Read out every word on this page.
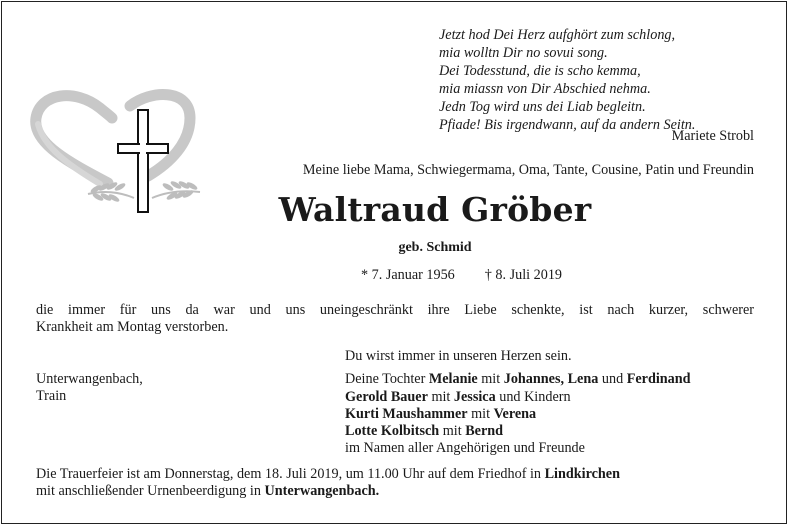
Jetzt hod Dei Herz aufghört zum schlong,
mia wolltn Dir no sovui song.
Dei Todesstund, die is scho kemma,
mia miassn von Dir Abschied nehma.
Jedn Tog wird uns dei Liab begleitn.
Pfiade! Bis irgendwann, auf da andern Seitn.
Mariete Strobl
Meine liebe Mama, Schwiegermama, Oma, Tante, Cousine, Patin und Freundin
Waltraud Gröber
geb. Schmid
* 7. Januar 1956 † 8. Juli 2019
die immer für uns da war und uns uneingeschränkt ihre Liebe schenkte, ist nach kurzer, schwerer
Krankheit am Montag verstorben.
Unterwangenbach,
Train
Du wirst immer in unseren Herzen sein.
Deine Tochter Melanie mit Johannes, Lena und Ferdinand
Gerold Bauer mit Jessica und Kindern
Kurti Maushammer mit Verena
Lotte Kolbitsch mit Bernd
im Namen aller Angehörigen und Freunde
Die Trauerfeier ist am Donnerstag, dem 18. Juli 2019, um 11.00 Uhr auf dem Friedhof in Lindkirchen
mit anschließender Urnenbeerdigung in Unterwangenbach.
